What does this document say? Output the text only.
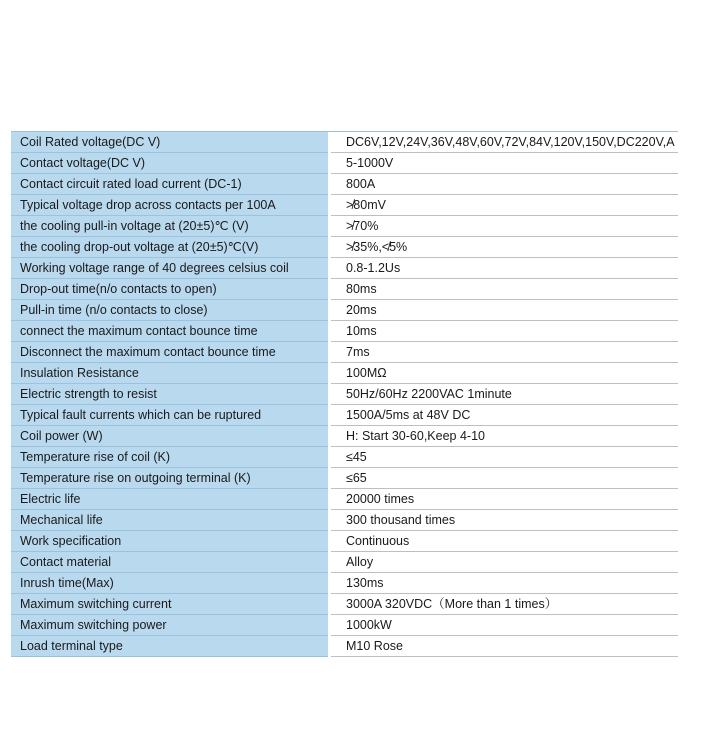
Coil Rated voltage(DC V)		DC6V,12V,24V,36V,48V,60V,72V,84V,120V,150V,DC220V,A
Contact voltage(DC V)		5-1000V
Contact circuit rated load current (DC-1)		800A
Typical voltage drop across contacts per 100A		≯80mV
the cooling pull-in voltage at (20±5)℃ (V)		≯70%
the cooling drop-out voltage at (20±5)℃(V)		≯35%,≮5%
Working voltage range of 40 degrees celsius coil		0.8-1.2Us
Drop-out time(n/o contacts to open)		80ms
Pull-in time (n/o contacts to close)		20ms
connect the maximum contact bounce time		10ms
Disconnect the maximum contact bounce time		7ms
Insulation Resistance		100MΩ
Electric strength to resist		50Hz/60Hz 2200VAC 1minute
Typical fault currents which can be ruptured		1500A/5ms at 48V DC
Coil power (W)		H: Start 30-60,Keep 4-10
Temperature rise of coil (K)		≤45
Temperature rise on outgoing terminal (K)		≤65
Electric life		20000 times
Mechanical life		300 thousand times
Work specification		Continuous
Contact material		Alloy
Inrush time(Max)		130ms
Maximum switching current		3000A 320VDC（More than 1 times）
Maximum switching power		1000kW
Load terminal type		M10 Rose
